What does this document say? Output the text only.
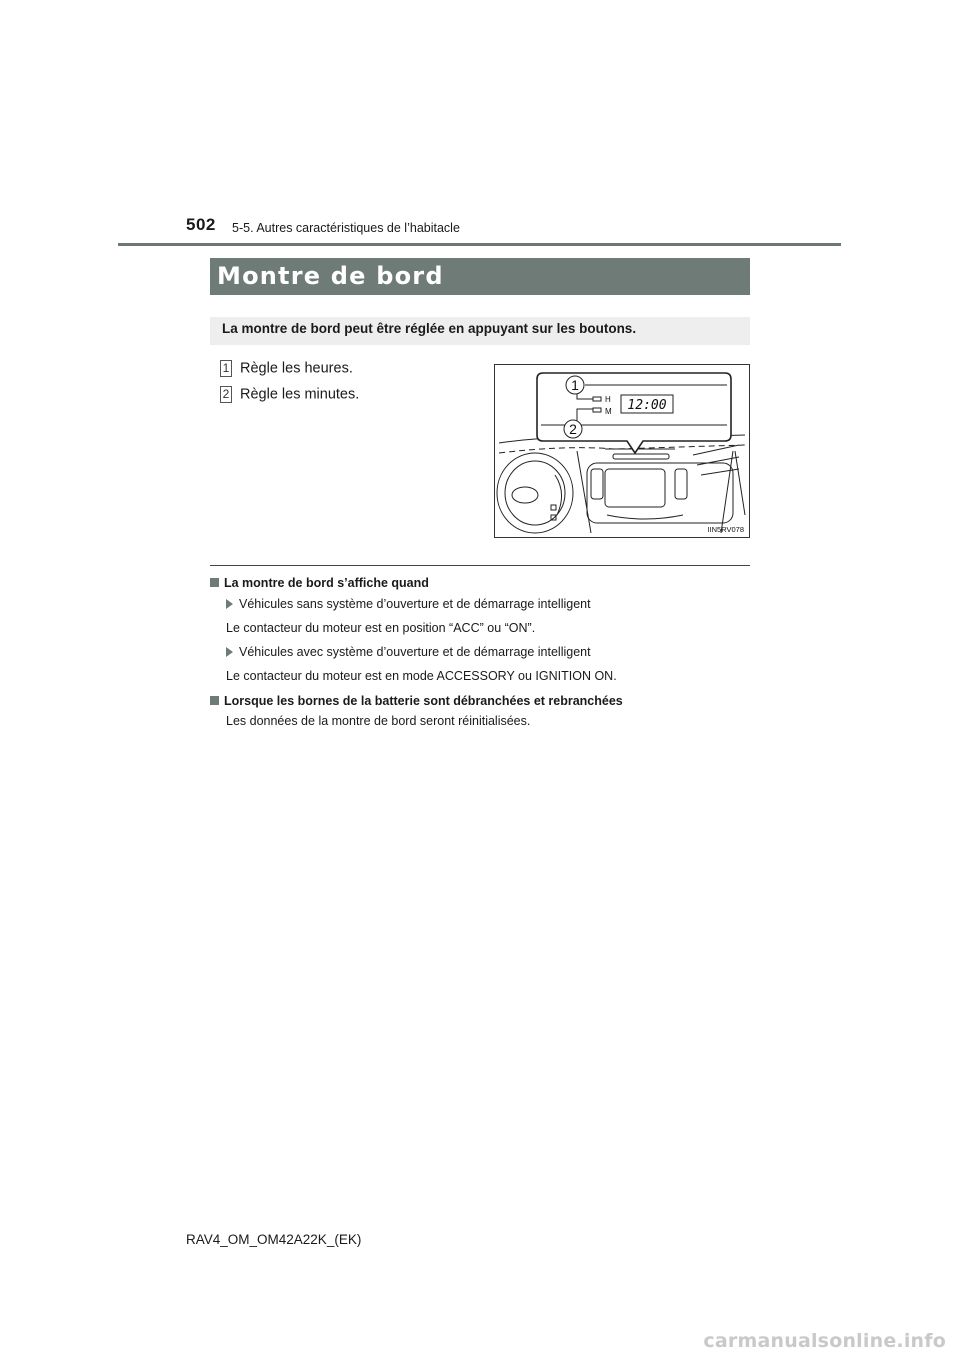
502 5-5. Autres caractéristiques de l’habitacle
Montre de bord
La montre de bord peut être réglée en appuyant sur les boutons.
1 Règle les heures.
2 Règle les minutes.
1
2
H
M 12:00
IIN5RV078
La montre de bord s’affiche quand
Véhicules sans système d’ouverture et de démarrage intelligent
Le contacteur du moteur est en position “ACC” ou “ON”.
Véhicules avec système d’ouverture et de démarrage intelligent
Le contacteur du moteur est en mode ACCESSORY ou IGNITION ON.
Lorsque les bornes de la batterie sont débranchées et rebranchées
Les données de la montre de bord seront réinitialisées.
RAV4_OM_OM42A22K_(EK)
carmanualsonline.info
